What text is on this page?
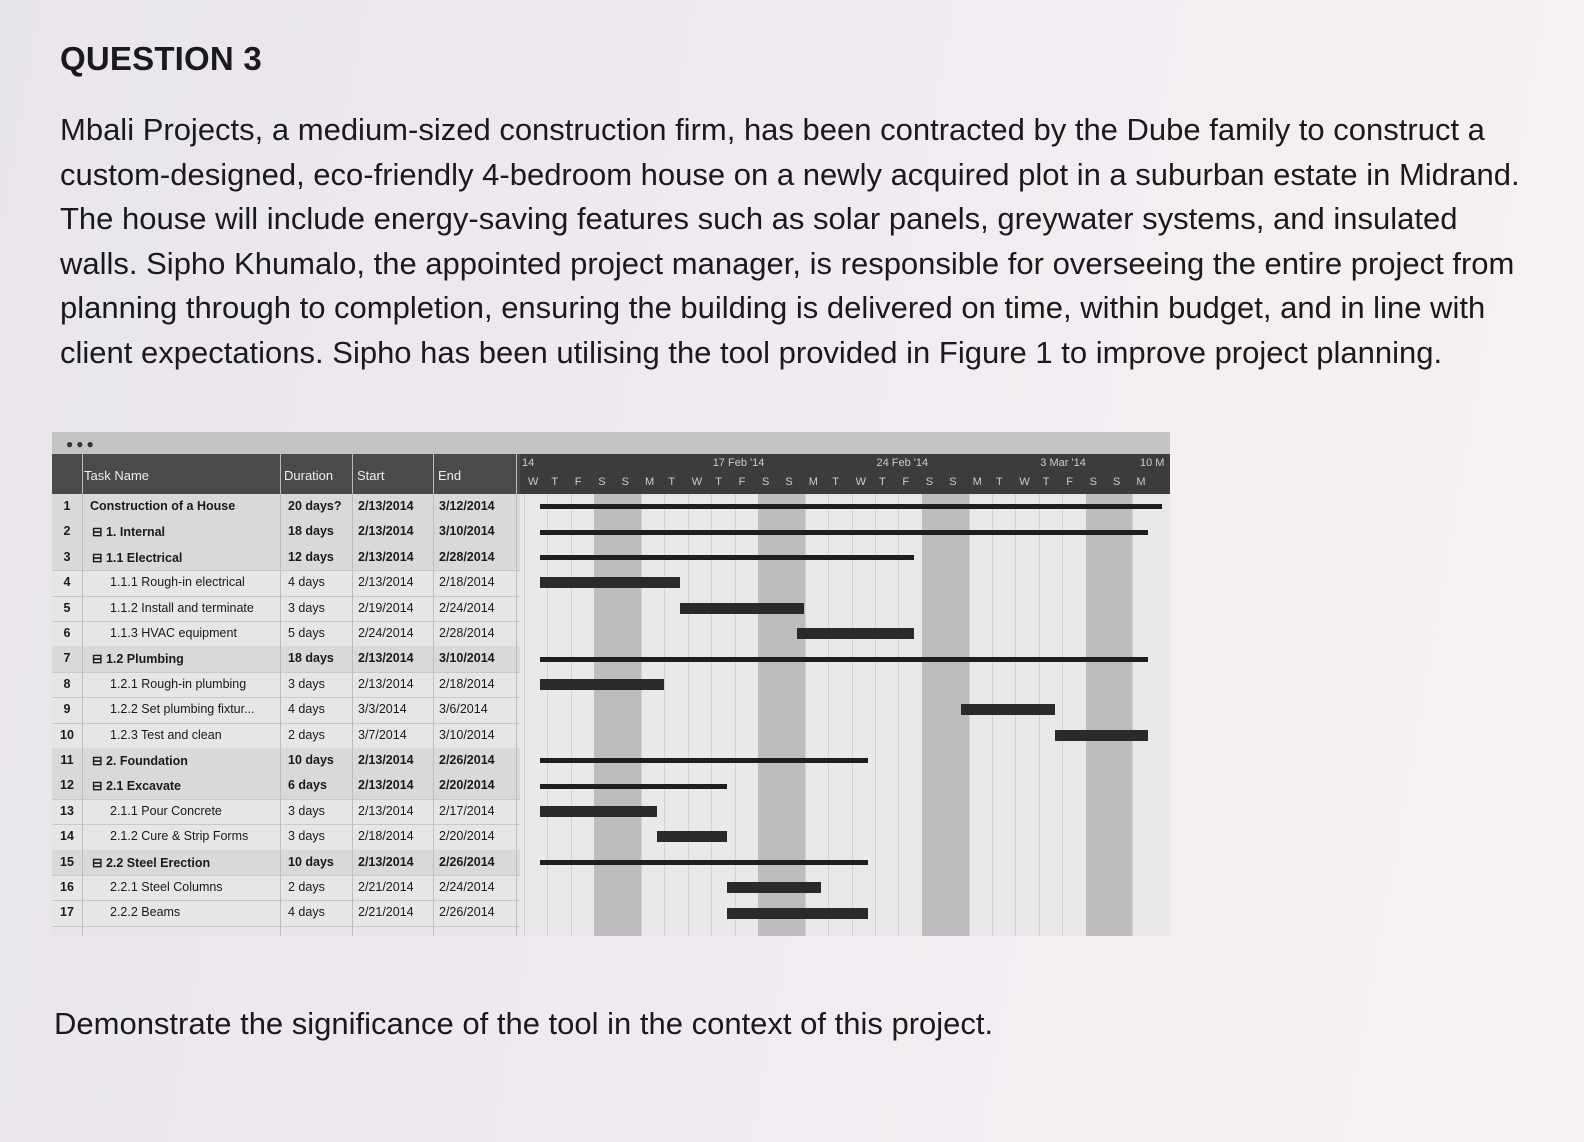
QUESTION 3
Mbali Projects, a medium-sized construction firm, has been contracted by the Dube family to construct a
custom-designed, eco-friendly 4-bedroom house on a newly acquired plot in a suburban estate in Midrand.
The house will include energy-saving features such as solar panels, greywater systems, and insulated
walls. Sipho Khumalo, the appointed project manager, is responsible for overseeing the entire project from
planning through to completion, ensuring the building is delivered on time, within budget, and in line with
client expectations. Sipho has been utilising the tool provided in Figure 1 to improve project planning.
●●●
Task Name	Duration Start	End
1	Construction of a House	20 days? 2/13/2014 3/12/2014
2	⊟ 1. Internal	18 days 2/13/2014 3/10/2014
3	⊟ 1.1 Electrical	12 days 2/13/2014 2/28/2014
4	1.1.1 Rough-in electrical	4 days	2/13/2014 2/18/2014
5	1.1.2 Install and terminate	3 days	2/19/2014 2/24/2014
6	1.1.3 HVAC equipment	5 days	2/24/2014 2/28/2014
7	⊟ 1.2 Plumbing	18 days 2/13/2014 3/10/2014
8	1.2.1 Rough-in plumbing	3 days	2/13/2014 2/18/2014
9	1.2.2 Set plumbing fixtur...	4 days	3/3/2014	3/6/2014
10	1.2.3 Test and clean	2 days	3/7/2014	3/10/2014
11	⊟ 2. Foundation	10 days 2/13/2014 2/26/2014
12	⊟ 2.1 Excavate	6 days 2/13/2014 2/20/2014
13	2.1.1 Pour Concrete	3 days	2/13/2014 2/17/2014
14	2.1.2 Cure & Strip Forms	3 days	2/18/2014 2/20/2014
15	⊟ 2.2 Steel Erection	10 days 2/13/2014 2/26/2014
16	2.2.1 Steel Columns	2 days	2/21/2014 2/24/2014
17	2.2.2 Beams	4 days	2/21/2014 2/26/2014
14	17 Feb '14	24 Feb '14	3 Mar '14	10 M
W T F S S M T W T F S S M T W T F S S M T W T F S S M
Demonstrate the significance of the tool in the context of this project.
